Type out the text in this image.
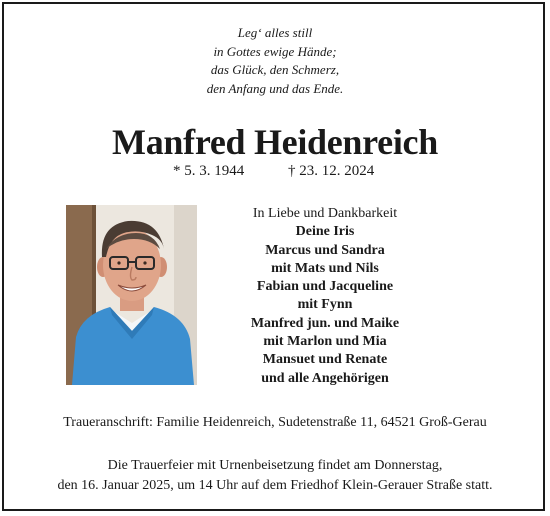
Leg‘ alles still
in Gottes ewige Hände;
das Glück, den Schmerz,
den Anfang und das Ende.
Manfred Heidenreich
* 5. 3. 1944	† 23. 12. 2024
In Liebe und Dankbarkeit
Deine Iris
Marcus und Sandra
mit Mats und Nils
Fabian und Jacqueline
mit Fynn
Manfred jun. und Maike
mit Marlon und Mia
Mansuet und Renate
und alle Angehörigen
Traueranschrift: Familie Heidenreich, Sudetenstraße 11, 64521 Groß-Gerau
Die Trauerfeier mit Urnenbeisetzung findet am Donnerstag,
den 16. Januar 2025, um 14 Uhr auf dem Friedhof Klein-Gerauer Straße statt.
